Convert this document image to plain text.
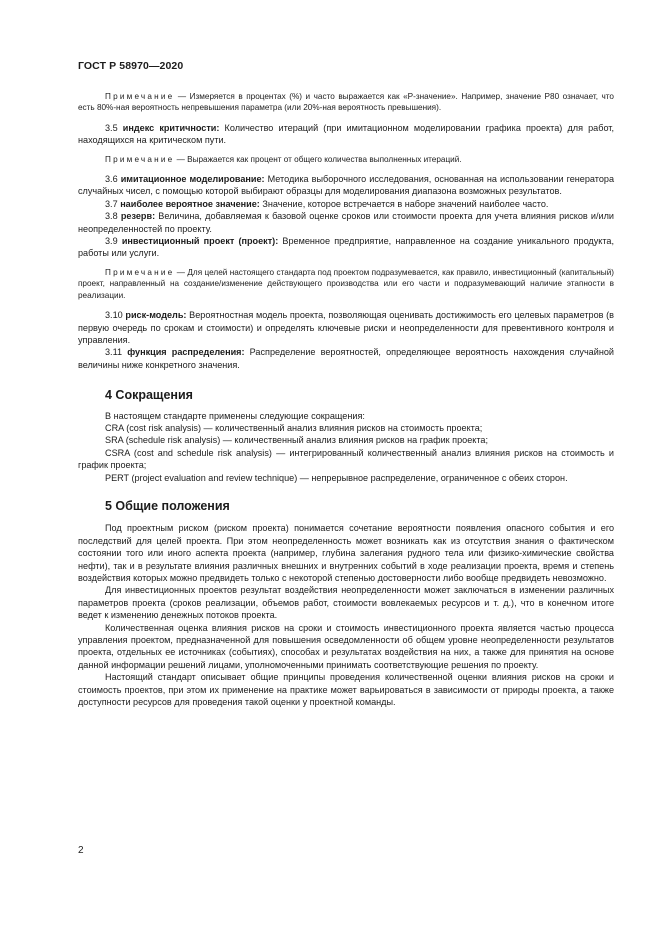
ГОСТ Р 58970—2020

Примечание — Измеряется в процентах (%) и часто выражается как «Р-значение». Например, значение P80 означает, что есть 80%-ная вероятность непревышения параметра (или 20%-ная вероятность превышения).

3.5 индекс критичности: Количество итераций (при имитационном моделировании графика проекта) для работ, находящихся на критическом пути.

Примечание — Выражается как процент от общего количества выполненных итераций.

3.6 имитационное моделирование: Методика выборочного исследования, основанная на использовании генератора случайных чисел, с помощью которой выбирают образцы для моделирования диапазона возможных результатов.

3.7 наиболее вероятное значение: Значение, которое встречается в наборе значений наиболее часто.

3.8 резерв: Величина, добавляемая к базовой оценке сроков или стоимости проекта для учета влияния рисков и/или неопределенностей по проекту.

3.9 инвестиционный проект (проект): Временное предприятие, направленное на создание уникального продукта, работы или услуги.

Примечание — Для целей настоящего стандарта под проектом подразумевается, как правило, инвестиционный (капитальный) проект, направленный на создание/изменение действующего производства или его части и подразумевающий наличие этапности в реализации.

3.10 риск-модель: Вероятностная модель проекта, позволяющая оценивать достижимость его целевых параметров (в первую очередь по срокам и стоимости) и определять ключевые риски и неопределенности для превентивного контроля и управления.

3.11 функция распределения: Распределение вероятностей, определяющее вероятность нахождения случайной величины ниже конкретного значения.

4 Сокращения

В настоящем стандарте применены следующие сокращения:

CRA (cost risk analysis) — количественный анализ влияния рисков на стоимость проекта;

SRA (schedule risk analysis) — количественный анализ влияния рисков на график проекта;

CSRA (cost and schedule risk analysis) — интегрированный количественный анализ влияния рисков на стоимость и график проекта;

PERT (project evaluation and review technique) — непрерывное распределение, ограниченное с обеих сторон.

5 Общие положения

Под проектным риском (риском проекта) понимается сочетание вероятности появления опасного события и его последствий для целей проекта. При этом неопределенность может возникать как из отсутствия знания о фактическом состоянии того или иного аспекта проекта (например, глубина залегания рудного тела или физико-химические свойства нефти), так и в результате влияния различных внешних и внутренних событий в ходе реализации проекта, время и степень воздействия которых можно предвидеть только с некоторой степенью достоверности либо вообще предвидеть невозможно.

Для инвестиционных проектов результат воздействия неопределенности может заключаться в изменении различных параметров проекта (сроков реализации, объемов работ, стоимости вовлекаемых ресурсов и т. д.), что в конечном итоге ведет к изменению денежных потоков проекта.

Количественная оценка влияния рисков на сроки и стоимость инвестиционного проекта является частью процесса управления проектом, предназначенной для повышения осведомленности об общем уровне неопределенности результатов проекта, отдельных ее источниках (событиях), способах и результатах воздействия на них, а также для принятия на основе данной информации решений лицами, уполномоченными принимать соответствующие решения по проекту.

Настоящий стандарт описывает общие принципы проведения количественной оценки влияния рисков на сроки и стоимость проектов, при этом их применение на практике может варьироваться в зависимости от природы проекта, а также доступности ресурсов для проведения такой оценки у проектной команды.

2
